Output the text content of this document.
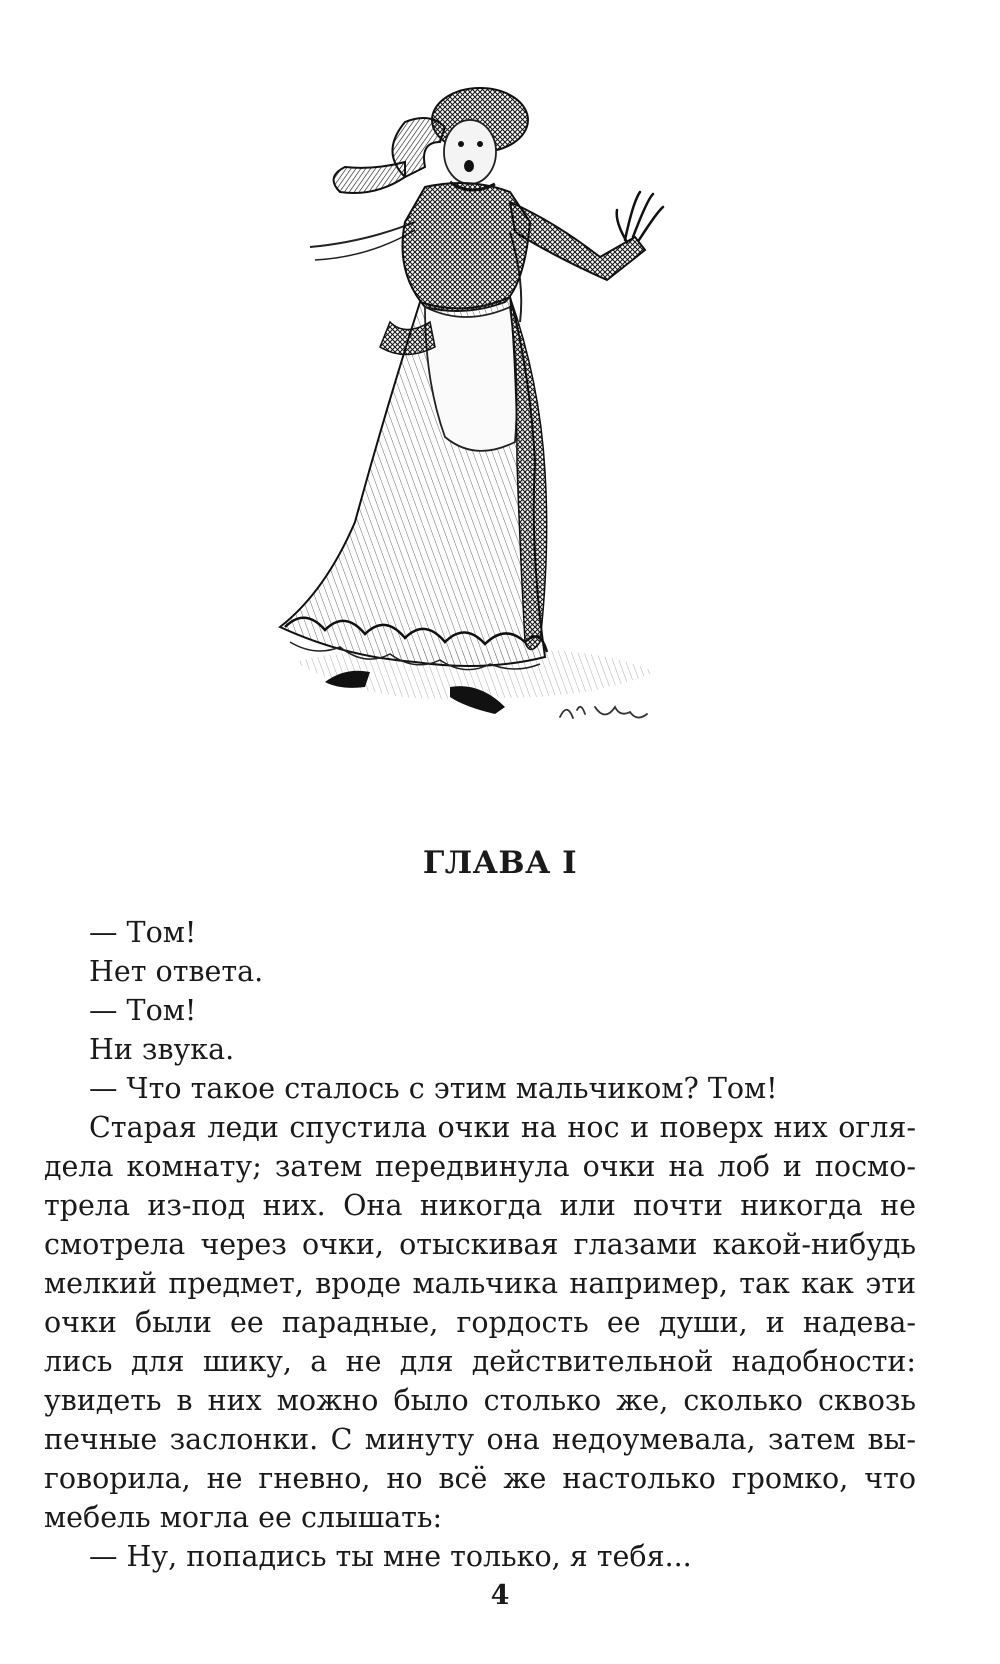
ГЛАВА I
— Том!
Нет ответа.
— Том!
Ни звука.
— Что такое сталось с этим мальчиком? Том!
Старая леди спустила очки на нос и поверх них огля-
дела комнату; затем передвинула очки на лоб и посмо-
трела из-под них. Она никогда или почти никогда не
смотрела через очки, отыскивая глазами какой-нибудь
мелкий предмет, вроде мальчика например, так как эти
очки были ее парадные, гордость ее души, и надева-
лись для шику, а не для действительной надобности:
увидеть в них можно было столько же, сколько сквозь
печные заслонки. С минуту она недоумевала, затем вы-
говорила, не гневно, но всё же настолько громко, что
мебель могла ее слышать:
— Ну, попадись ты мне только, я тебя...
4
